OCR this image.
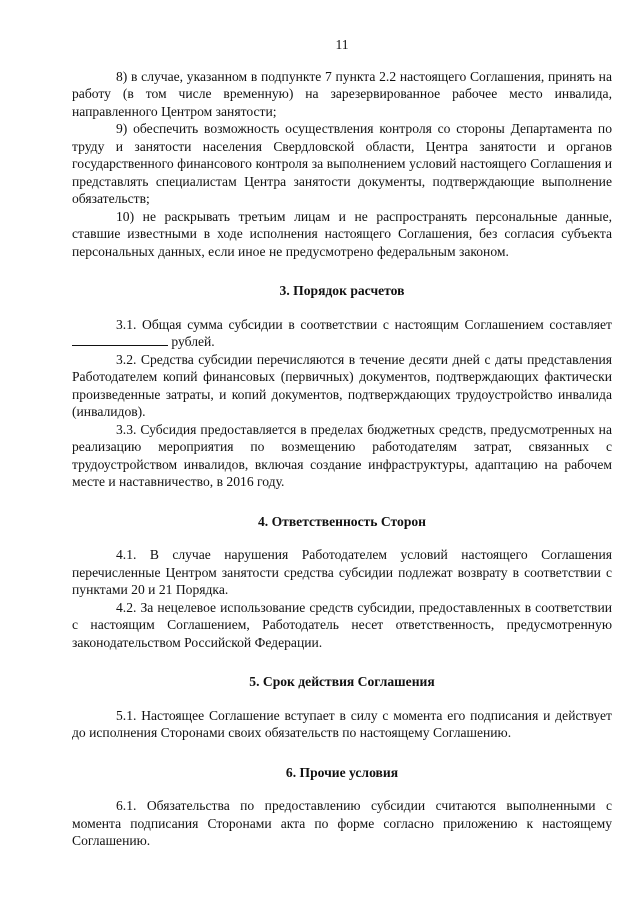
11

8) в случае, указанном в подпункте 7 пункта 2.2 настоящего Соглашения, принять на работу (в том числе временную) на зарезервированное рабочее место инвалида, направленного Центром занятости;

9) обеспечить возможность осуществления контроля со стороны Департамента по труду и занятости населения Свердловской области, Центра занятости и органов государственного финансового контроля за выполнением условий настоящего Соглашения и представлять специалистам Центра занятости документы, подтверждающие выполнение обязательств;

10) не раскрывать третьим лицам и не распространять персональные данные, ставшие известными в ходе исполнения настоящего Соглашения, без согласия субъекта персональных данных, если иное не предусмотрено федеральным законом.

3. Порядок расчетов

3.1. Общая сумма субсидии в соответствии с настоящим Соглашением составляет  рублей.

3.2. Средства субсидии перечисляются в течение десяти дней с даты представления Работодателем копий финансовых (первичных) документов, подтверждающих фактически произведенные затраты, и копий документов, подтверждающих трудоустройство инвалида (инвалидов).

3.3. Субсидия предоставляется в пределах бюджетных средств, предусмотренных на реализацию мероприятия по возмещению работодателям затрат, связанных с трудоустройством инвалидов, включая создание инфраструктуры, адаптацию на рабочем месте и наставничество, в 2016 году.

4. Ответственность Сторон

4.1. В случае нарушения Работодателем условий настоящего Соглашения перечисленные Центром занятости средства субсидии подлежат возврату в соответствии с пунктами 20 и 21 Порядка.

4.2. За нецелевое использование средств субсидии, предоставленных в соответствии с настоящим Соглашением, Работодатель несет ответственность, предусмотренную законодательством Российской Федерации.

5. Срок действия Соглашения

5.1. Настоящее Соглашение вступает в силу с момента его подписания и действует до исполнения Сторонами своих обязательств по настоящему Соглашению.

6. Прочие условия

6.1. Обязательства по предоставлению субсидии считаются выполненными с момента подписания Сторонами акта по форме согласно приложению к настоящему Соглашению.
